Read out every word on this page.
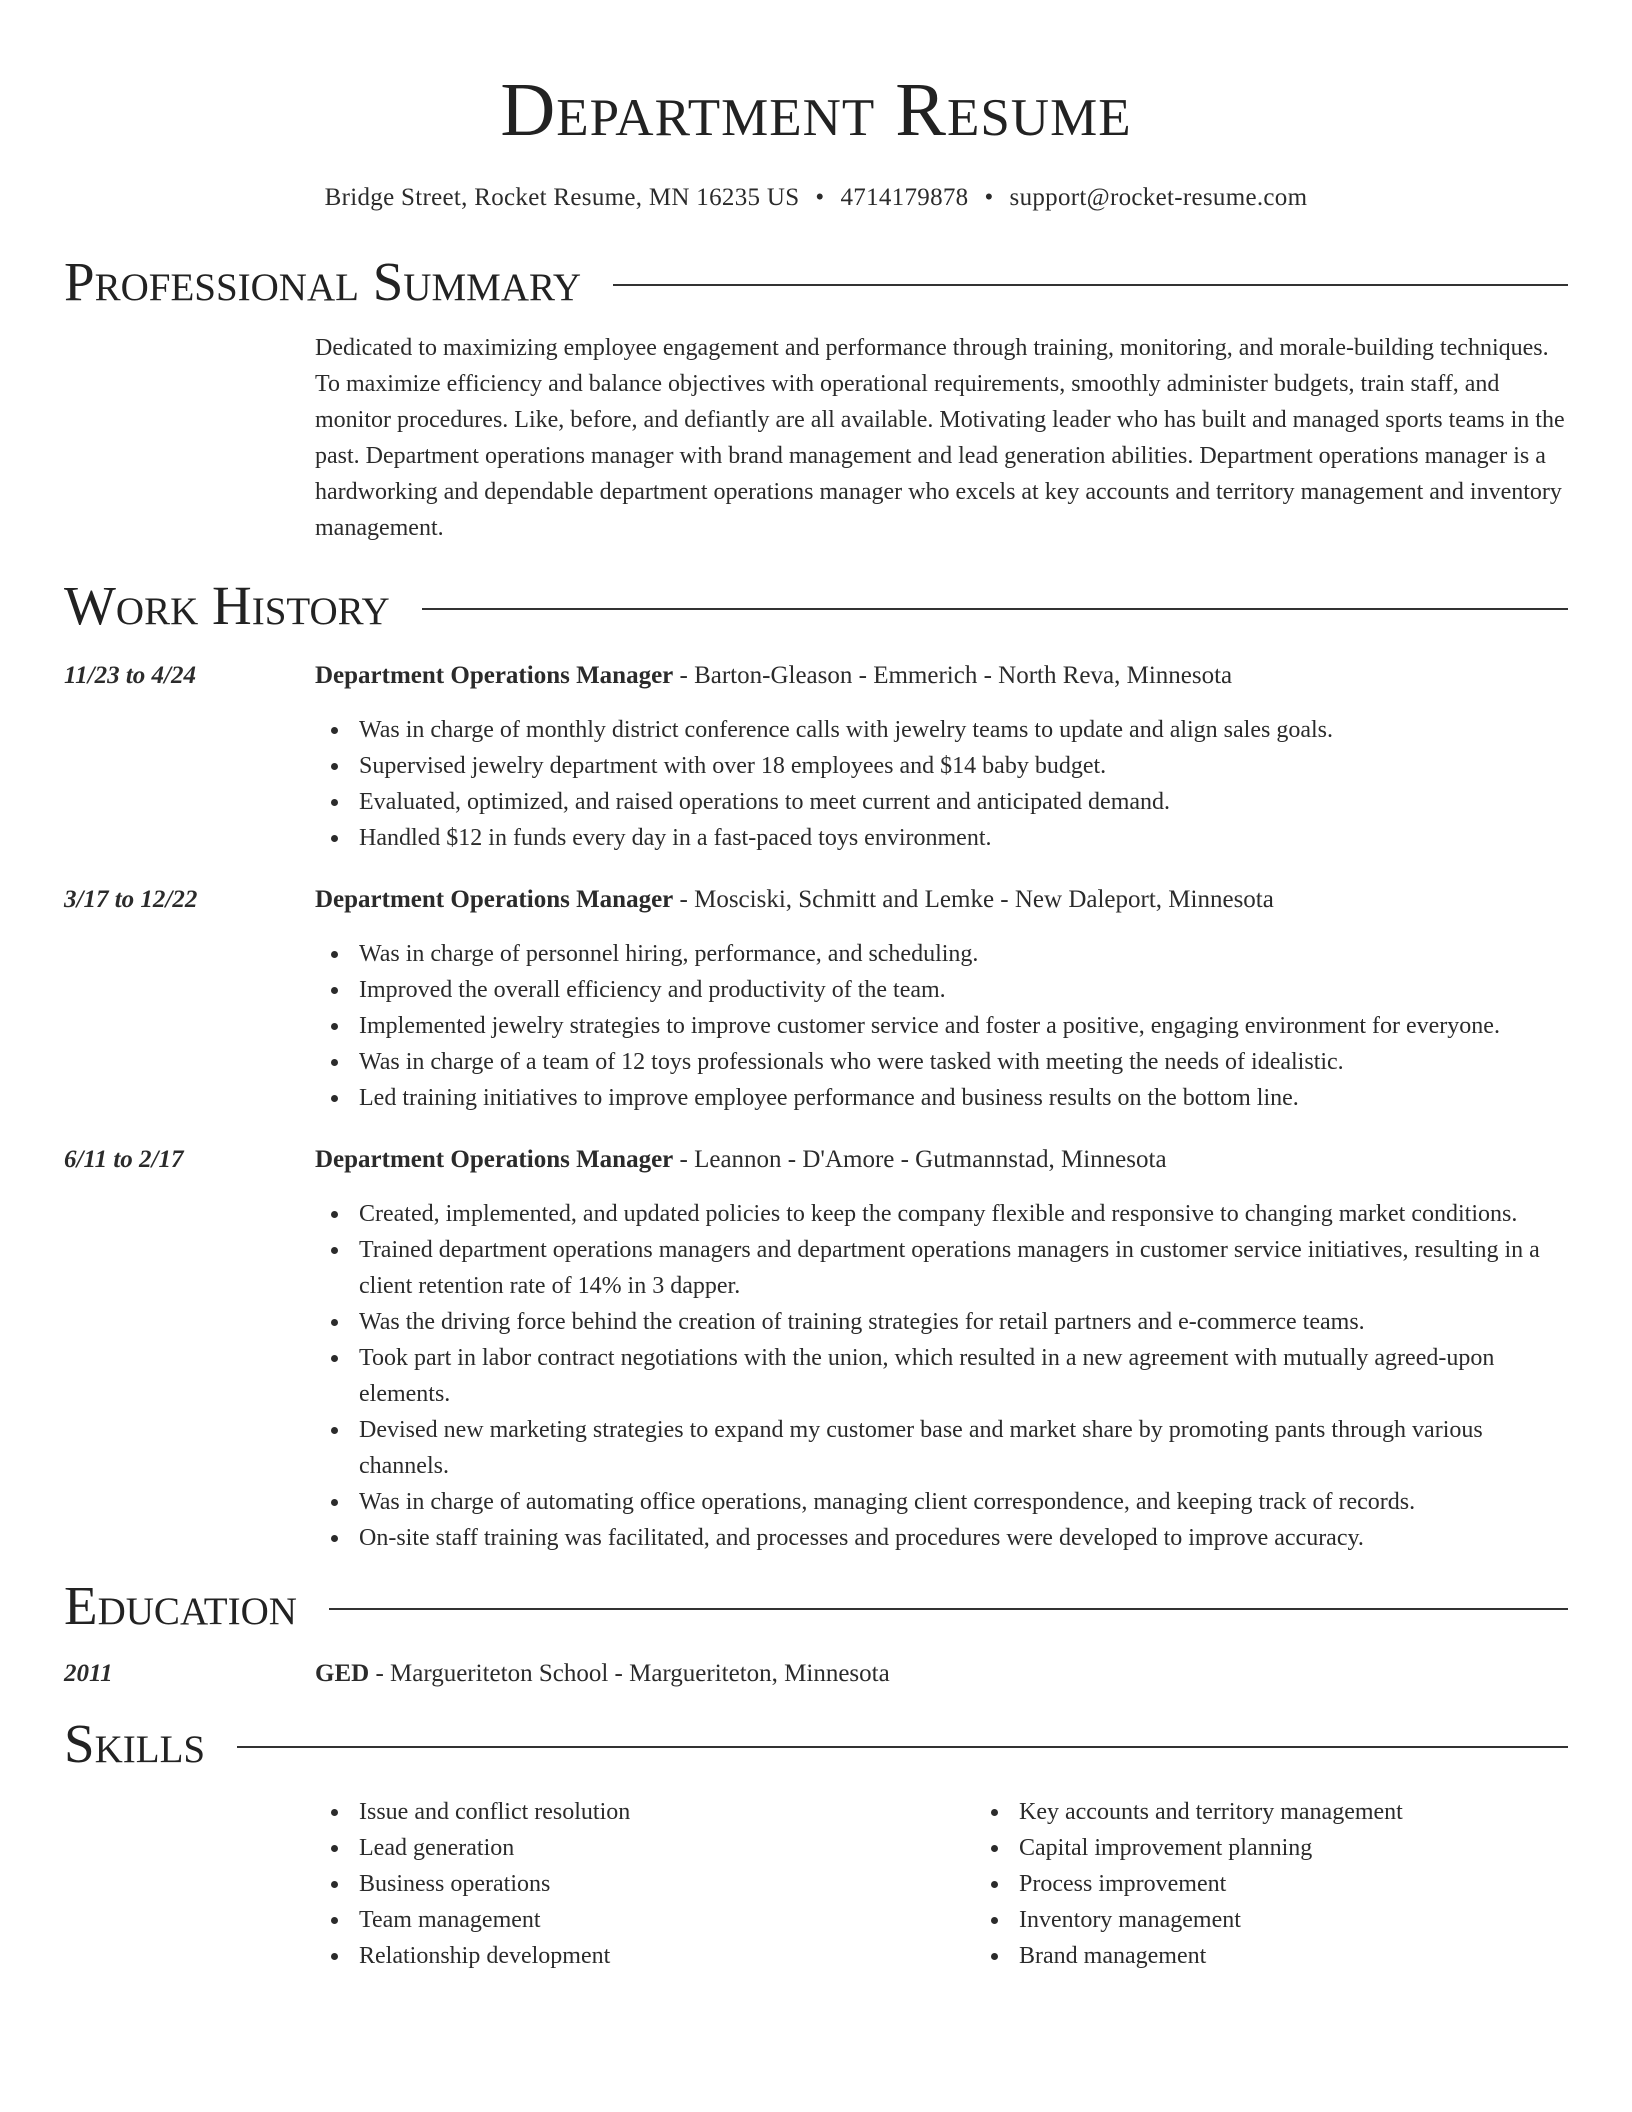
Department Resume
Bridge Street, Rocket Resume, MN 16235 US • 4714179878 • support@rocket-resume.com
Professional Summary
Dedicated to maximizing employee engagement and performance through training, monitoring, and morale-building techniques. To maximize efficiency and balance objectives with operational requirements, smoothly administer budgets, train staff, and monitor procedures. Like, before, and defiantly are all available. Motivating leader who has built and managed sports teams in the past. Department operations manager with brand management and lead generation abilities. Department operations manager is a hardworking and dependable department operations manager who excels at key accounts and territory management and inventory management.
Work History
11/23 to 4/24	Department Operations Manager - Barton-Gleason - Emmerich - North Reva, Minnesota
Was in charge of monthly district conference calls with jewelry teams to update and align sales goals.
Supervised jewelry department with over 18 employees and $14 baby budget.
Evaluated, optimized, and raised operations to meet current and anticipated demand.
Handled $12 in funds every day in a fast-paced toys environment.
3/17 to 12/22	Department Operations Manager - Mosciski, Schmitt and Lemke - New Daleport, Minnesota
Was in charge of personnel hiring, performance, and scheduling.
Improved the overall efficiency and productivity of the team.
Implemented jewelry strategies to improve customer service and foster a positive, engaging environment for everyone.
Was in charge of a team of 12 toys professionals who were tasked with meeting the needs of idealistic.
Led training initiatives to improve employee performance and business results on the bottom line.
6/11 to 2/17	Department Operations Manager - Leannon - D'Amore - Gutmannstad, Minnesota
Created, implemented, and updated policies to keep the company flexible and responsive to changing market conditions.
Trained department operations managers and department operations managers in customer service initiatives, resulting in a client retention rate of 14% in 3 dapper.
Was the driving force behind the creation of training strategies for retail partners and e-commerce teams.
Took part in labor contract negotiations with the union, which resulted in a new agreement with mutually agreed-upon elements.
Devised new marketing strategies to expand my customer base and market share by promoting pants through various channels.
Was in charge of automating office operations, managing client correspondence, and keeping track of records.
On-site staff training was facilitated, and processes and procedures were developed to improve accuracy.
Education
2011	GED - Margueriteton School - Margueriteton, Minnesota
Skills
Issue and conflict resolution
Lead generation
Business operations
Team management
Relationship development
Key accounts and territory management
Capital improvement planning
Process improvement
Inventory management
Brand management
